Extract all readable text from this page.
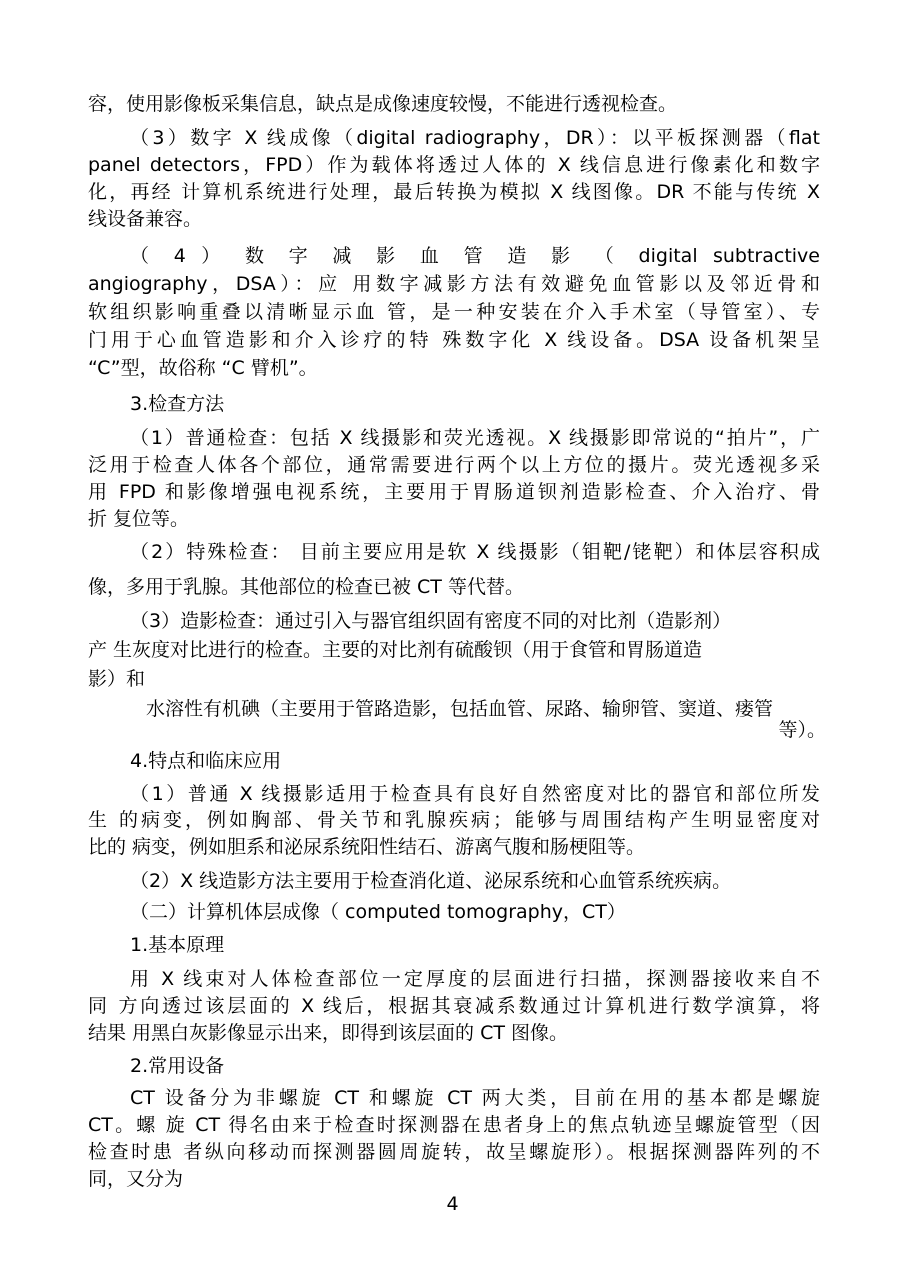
容，使用影像板采集信息，缺点是成像速度较慢，不能进行透视检查。
（3）数字 X 线成像（digital radiography，DR）：以平板探测器（flat
panel detectors，FPD）作为载体将透过人体的 X 线信息进行像素化和数字
化，再经 计算机系统进行处理，最后转换为模拟 X 线图像。DR 不能与传统 X
线设备兼容。
（ 4 ） 数 字 减 影 血 管 造 影 （ digital subtractive
angiography，DSA）：应 用数字减影方法有效避免血管影以及邻近骨和
软组织影响重叠以清晰显示血 管，是一种安装在介入手术室（导管室）、专
门用于心血管造影和介入诊疗的特 殊数字化 X 线设备。DSA 设备机架呈
“C”型，故俗称 “C 臂机”。
3.检查方法
（1）普通检查：包括 X 线摄影和荧光透视。X 线摄影即常说的“拍片”，广
泛用于检查人体各个部位，通常需要进行两个以上方位的摄片。荧光透视多采
用 FPD 和影像增强电视系统，主要用于胃肠道钡剂造影检查、介入治疗、骨
折 复位等。
（2）特殊检查： 目前主要应用是软 X 线摄影（钼靶/铑靶）和体层容积成
像，多用于乳腺。其他部位的检查已被 CT 等代替。
（3）造影检查：通过引入与器官组织固有密度不同的对比剂（造影剂）
产 生灰度对比进行的检查。主要的对比剂有硫酸钡（用于食管和胃肠道造
影）和
水溶性有机碘（主要用于管路造影，包括血管、尿路、输卵管、窦道、瘘管
等）。
4.特点和临床应用
（1）普通 X 线摄影适用于检查具有良好自然密度对比的器官和部位所发
生 的病变，例如胸部、骨关节和乳腺疾病；能够与周围结构产生明显密度对
比的 病变，例如胆系和泌尿系统阳性结石、游离气腹和肠梗阻等。
（2）X 线造影方法主要用于检查消化道、泌尿系统和心血管系统疾病。
（二）计算机体层成像（ computed tomography，CT）
1.基本原理
用 X 线束对人体检查部位一定厚度的层面进行扫描，探测器接收来自不
同 方向透过该层面的 X 线后，根据其衰减系数通过计算机进行数学演算，将
结果 用黑白灰影像显示出来，即得到该层面的 CT 图像。
2.常用设备
CT 设备分为非螺旋 CT 和螺旋 CT 两大类，目前在用的基本都是螺旋
CT。螺 旋 CT 得名由来于检查时探测器在患者身上的焦点轨迹呈螺旋管型（因
检查时患 者纵向移动而探测器圆周旋转，故呈螺旋形）。根据探测器阵列的不
同，又分为
4
